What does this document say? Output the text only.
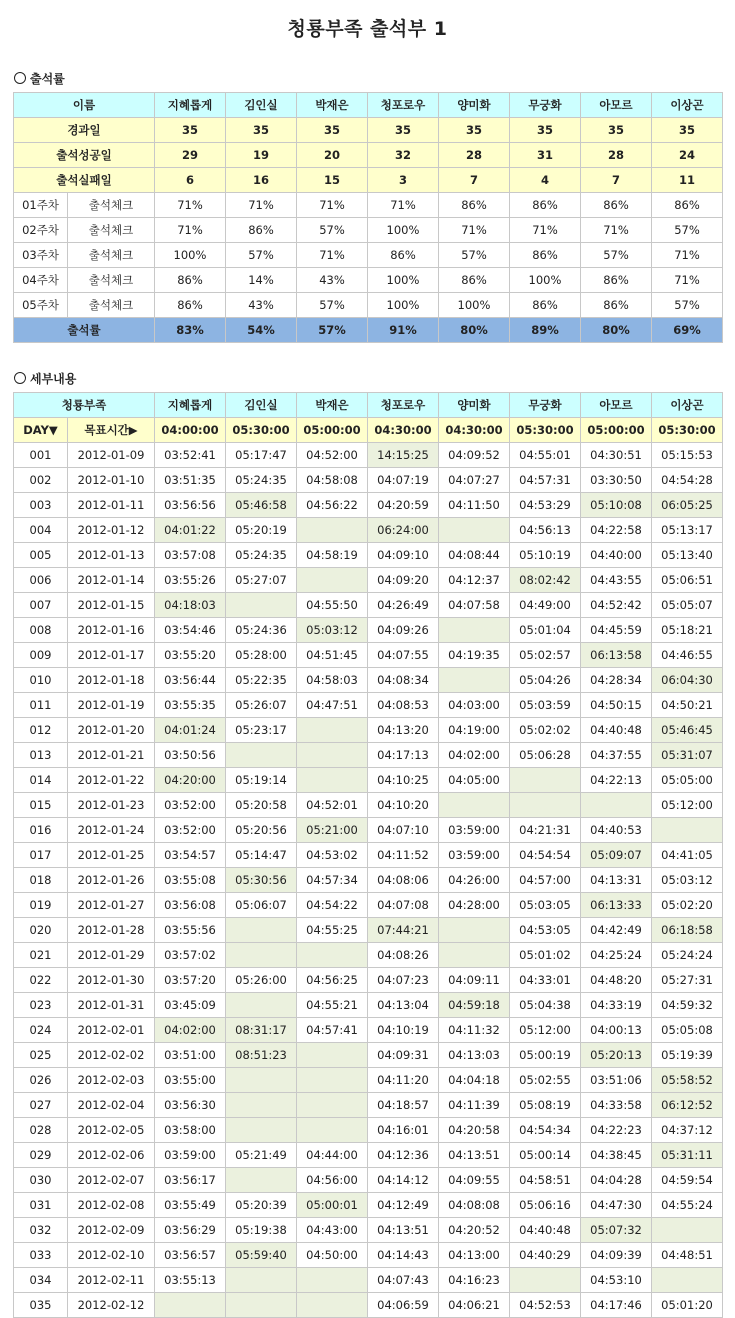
청룡부족 출석부 1
출석률
이름		지혜롭게	김인실	박재은	청포로우	양미화	무궁화	아모르	이상곤
경과일		35	35	35	35	35	35	35	35
출석성공일		29	19	20	32	28	31	28	24
출석실패일		6	16	15	3	7	4	7	11
01주차	출석체크	71%	71%	71%	71%	86%	86%	86%	86%
02주차	출석체크	71%	86%	57%	100%	71%	71%	71%	57%
03주차	출석체크	100%	57%	71%	86%	57%	86%	57%	71%
04주차	출석체크	86%	14%	43%	100%	86%	100%	86%	71%
05주차	출석체크	86%	43%	57%	100%	100%	86%	86%	57%
출석률		83%	54%	57%	91%	80%	89%	80%	69%
세부내용
청룡부족		지혜롭게	김인실	박재은	청포로우	양미화	무궁화	아모르	이상곤
DAY▼	목표시간▶	04:00:00	05:30:00	05:00:00	04:30:00	04:30:00	05:30:00	05:00:00	05:30:00
001	2012-01-09	03:52:41	05:17:47	04:52:00	14:15:25	04:09:52	04:55:01	04:30:51	05:15:53
002	2012-01-10	03:51:35	05:24:35	04:58:08	04:07:19	04:07:27	04:57:31	03:30:50	04:54:28
003	2012-01-11	03:56:56	05:46:58	04:56:22	04:20:59	04:11:50	04:53:29	05:10:08	06:05:25
004	2012-01-12	04:01:22	05:20:19		06:24:00		04:56:13	04:22:58	05:13:17
005	2012-01-13	03:57:08	05:24:35	04:58:19	04:09:10	04:08:44	05:10:19	04:40:00	05:13:40
006	2012-01-14	03:55:26	05:27:07		04:09:20	04:12:37	08:02:42	04:43:55	05:06:51
007	2012-01-15	04:18:03		04:55:50	04:26:49	04:07:58	04:49:00	04:52:42	05:05:07
008	2012-01-16	03:54:46	05:24:36	05:03:12	04:09:26		05:01:04	04:45:59	05:18:21
009	2012-01-17	03:55:20	05:28:00	04:51:45	04:07:55	04:19:35	05:02:57	06:13:58	04:46:55
010	2012-01-18	03:56:44	05:22:35	04:58:03	04:08:34		05:04:26	04:28:34	06:04:30
011	2012-01-19	03:55:35	05:26:07	04:47:51	04:08:53	04:03:00	05:03:59	04:50:15	04:50:21
012	2012-01-20	04:01:24	05:23:17		04:13:20	04:19:00	05:02:02	04:40:48	05:46:45
013	2012-01-21	03:50:56			04:17:13	04:02:00	05:06:28	04:37:55	05:31:07
014	2012-01-22	04:20:00	05:19:14		04:10:25	04:05:00		04:22:13	05:05:00
015	2012-01-23	03:52:00	05:20:58	04:52:01	04:10:20				05:12:00
016	2012-01-24	03:52:00	05:20:56	05:21:00	04:07:10	03:59:00	04:21:31	04:40:53	
017	2012-01-25	03:54:57	05:14:47	04:53:02	04:11:52	03:59:00	04:54:54	05:09:07	04:41:05
018	2012-01-26	03:55:08	05:30:56	04:57:34	04:08:06	04:26:00	04:57:00	04:13:31	05:03:12
019	2012-01-27	03:56:08	05:06:07	04:54:22	04:07:08	04:28:00	05:03:05	06:13:33	05:02:20
020	2012-01-28	03:55:56		04:55:25	07:44:21		04:53:05	04:42:49	06:18:58
021	2012-01-29	03:57:02			04:08:26		05:01:02	04:25:24	05:24:24
022	2012-01-30	03:57:20	05:26:00	04:56:25	04:07:23	04:09:11	04:33:01	04:48:20	05:27:31
023	2012-01-31	03:45:09		04:55:21	04:13:04	04:59:18	05:04:38	04:33:19	04:59:32
024	2012-02-01	04:02:00	08:31:17	04:57:41	04:10:19	04:11:32	05:12:00	04:00:13	05:05:08
025	2012-02-02	03:51:00	08:51:23		04:09:31	04:13:03	05:00:19	05:20:13	05:19:39
026	2012-02-03	03:55:00			04:11:20	04:04:18	05:02:55	03:51:06	05:58:52
027	2012-02-04	03:56:30			04:18:57	04:11:39	05:08:19	04:33:58	06:12:52
028	2012-02-05	03:58:00			04:16:01	04:20:58	04:54:34	04:22:23	04:37:12
029	2012-02-06	03:59:00	05:21:49	04:44:00	04:12:36	04:13:51	05:00:14	04:38:45	05:31:11
030	2012-02-07	03:56:17		04:56:00	04:14:12	04:09:55	04:58:51	04:04:28	04:59:54
031	2012-02-08	03:55:49	05:20:39	05:00:01	04:12:49	04:08:08	05:06:16	04:47:30	04:55:24
032	2012-02-09	03:56:29	05:19:38	04:43:00	04:13:51	04:20:52	04:40:48	05:07:32	
033	2012-02-10	03:56:57	05:59:40	04:50:00	04:14:43	04:13:00	04:40:29	04:09:39	04:48:51
034	2012-02-11	03:55:13			04:07:43	04:16:23		04:53:10	
035	2012-02-12				04:06:59	04:06:21	04:52:53	04:17:46	05:01:20
